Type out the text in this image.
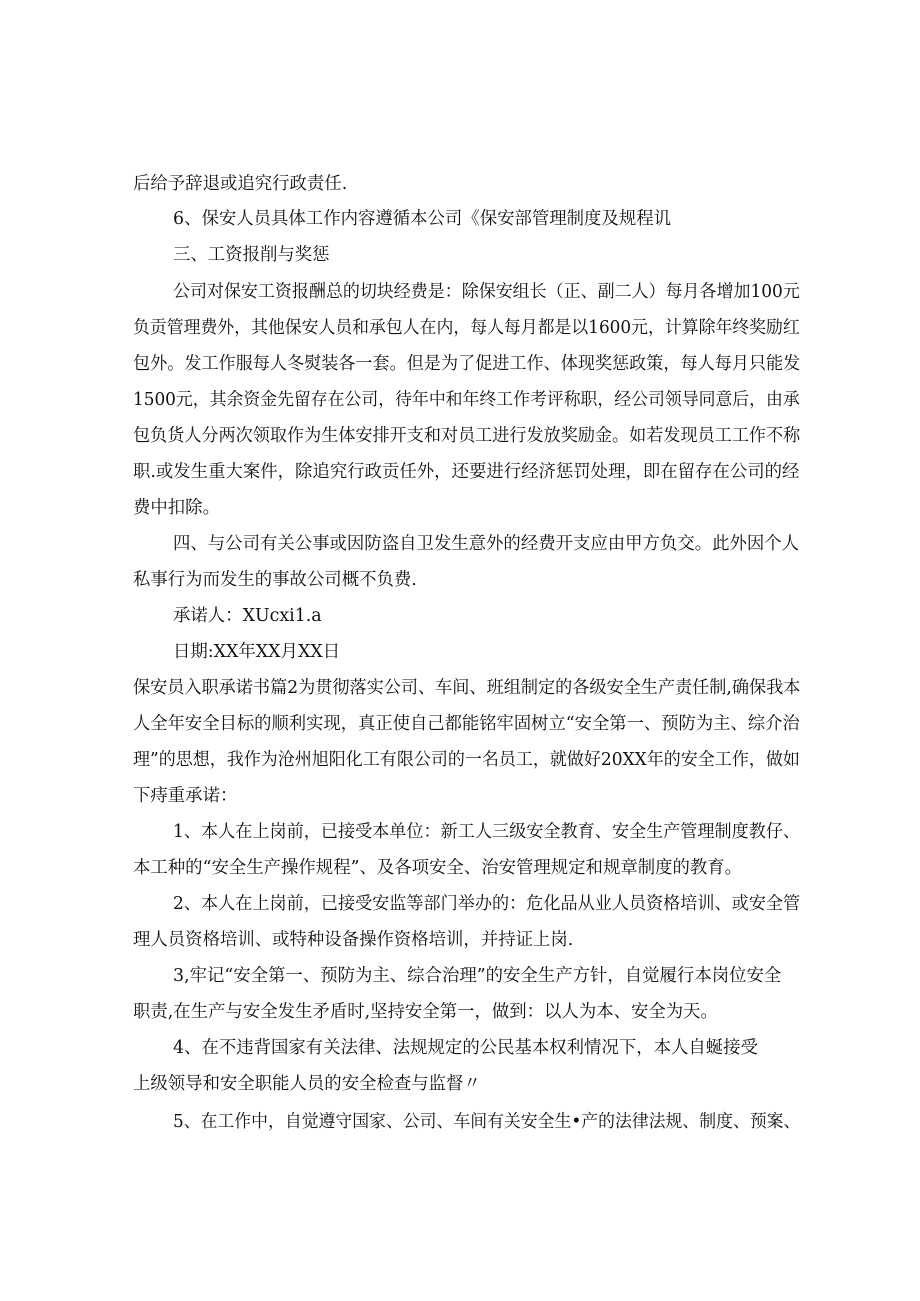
后给予辞退或追究行政责任.

6、保安人员具体工作内容遵循本公司《保安部管理制度及规程讥

三、工资报削与奖惩

公司对保安工资报酬总的切块经费是：除保安组长（正、副二人）每月各增加100元

负贡管理费外，其他保安人员和承包人在内，每人每月都是以1600元，计算除年终奖励红

包外。发工作服每人冬熨装各一套。但是为了促进工作、体现奖惩政策，每人每月只能发

1500元，其余资金先留存在公司，待年中和年终工作考评称职，经公司领导同意后，由承

包负货人分两次领取作为生体安排开支和对员工进行发放奖励金。如若发现员工工作不称

职.或发生重大案件，除追究行政贡任外，还要进行经济惩罚处理，即在留存在公司的经

费中扣除。

四、与公司有关公事或因防盗自卫发生意外的经费开支应由甲方负交。此外因个人

私事行为而发生的事故公司概不负费.

承诺人：XUcxi1.a

日期:XX年XX月XX日

保安员入职承诺书篇2为贯彻落实公司、车间、班组制定的各级安全生产责任制,确保我本

人全年安全目标的顺利实现，真正使自己都能铭牢固树立“安全第一、预防为主、综介治

理”的思想，我作为沧州旭阳化工有限公司的一名员工，就做好20XX年的安全工作，做如

下痔重承诺：

1、本人在上岗前，已接受本单位：新工人三级安全教育、安全生产管理制度教仔、

本工种的“安全生产操作规程”、及各项安全、治安管理规定和规章制度的教育。

2、本人在上岗前，已接受安监等部门举办的：危化品从业人员资格培训、或安全管

理人员资格培训、或特种设备操作资格培训，并持证上岗.

3,牢记“安全第一、预防为主、综合治理”的安全生产方针，自觉履行本岗位安全

职责,在生产与安全发生矛盾时,坚持安全第一，做到：以人为本、安全为天。

4、在不违背国家有关法律、法规规定的公民基本权利情况下，本人自蜒接受

上级领导和安全职能人员的安全检查与监督〃

5、在工作中，自觉遵守国家、公司、车间有关安全生•产的法律法规、制度、预案、
